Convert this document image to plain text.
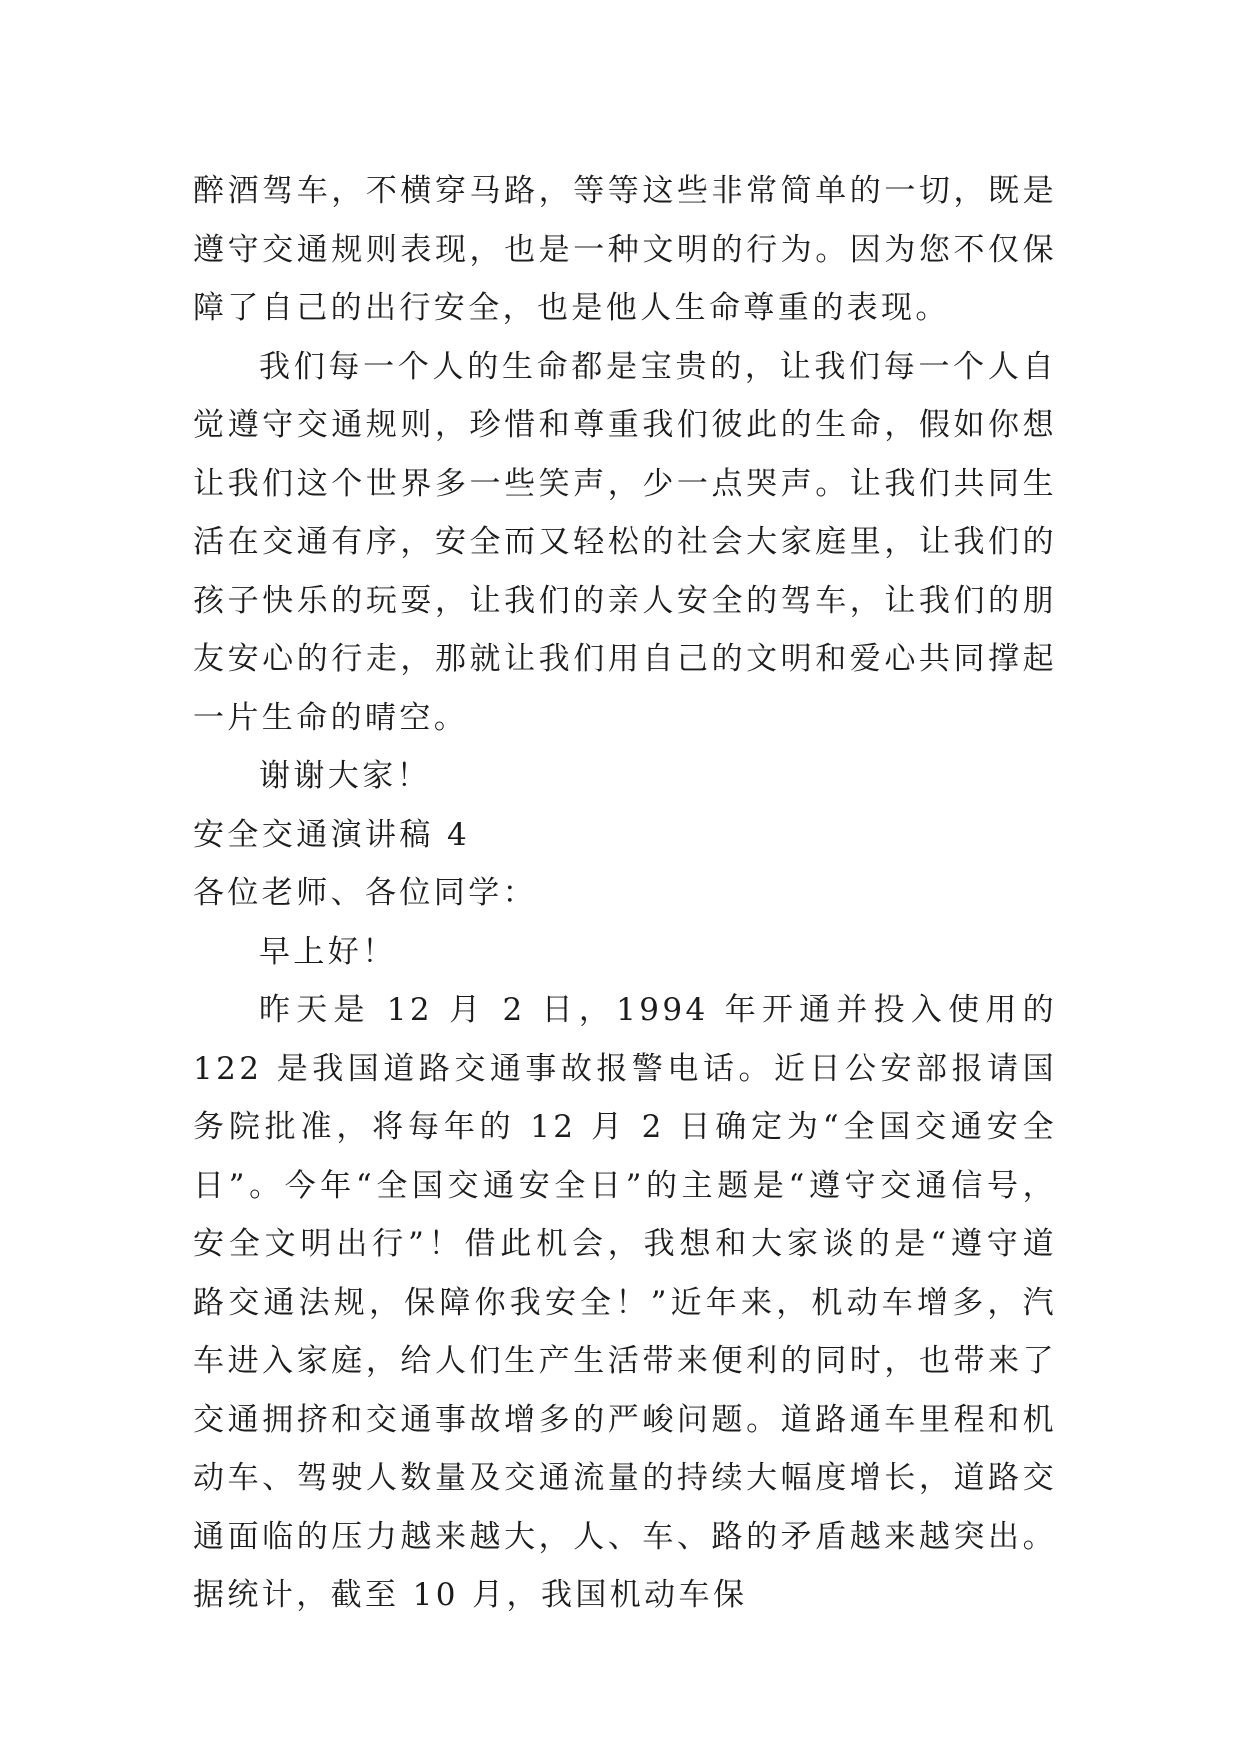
醉酒驾车，不横穿马路，等等这些非常简单的一切，既是遵守交通规则表现，也是一种文明的行为。因为您不仅保障了自己的出行安全，也是他人生命尊重的表现。

我们每一个人的生命都是宝贵的，让我们每一个人自觉遵守交通规则，珍惜和尊重我们彼此的生命，假如你想让我们这个世界多一些笑声，少一点哭声。让我们共同生活在交通有序，安全而又轻松的社会大家庭里，让我们的孩子快乐的玩耍，让我们的亲人安全的驾车，让我们的朋友安心的行走，那就让我们用自己的文明和爱心共同撑起一片生命的晴空。

谢谢大家！

安全交通演讲稿 4

各位老师、各位同学：

早上好！

昨天是 12 月 2 日，1994 年开通并投入使用的 122 是我国道路交通事故报警电话。近日公安部报请国务院批准，将每年的 12 月 2 日确定为“全国交通安全日”。今年“全国交通安全日”的主题是“遵守交通信号，安全文明出行”！借此机会，我想和大家谈的是“遵守道路交通法规，保障你我安全！”近年来，机动车增多，汽车进入家庭，给人们生产生活带来便利的同时，也带来了交通拥挤和交通事故增多的严峻问题。道路通车里程和机动车、驾驶人数量及交通流量的持续大幅度增长，道路交通面临的压力越来越大，人、车、路的矛盾越来越突出。据统计，截至 10 月，我国机动车保
